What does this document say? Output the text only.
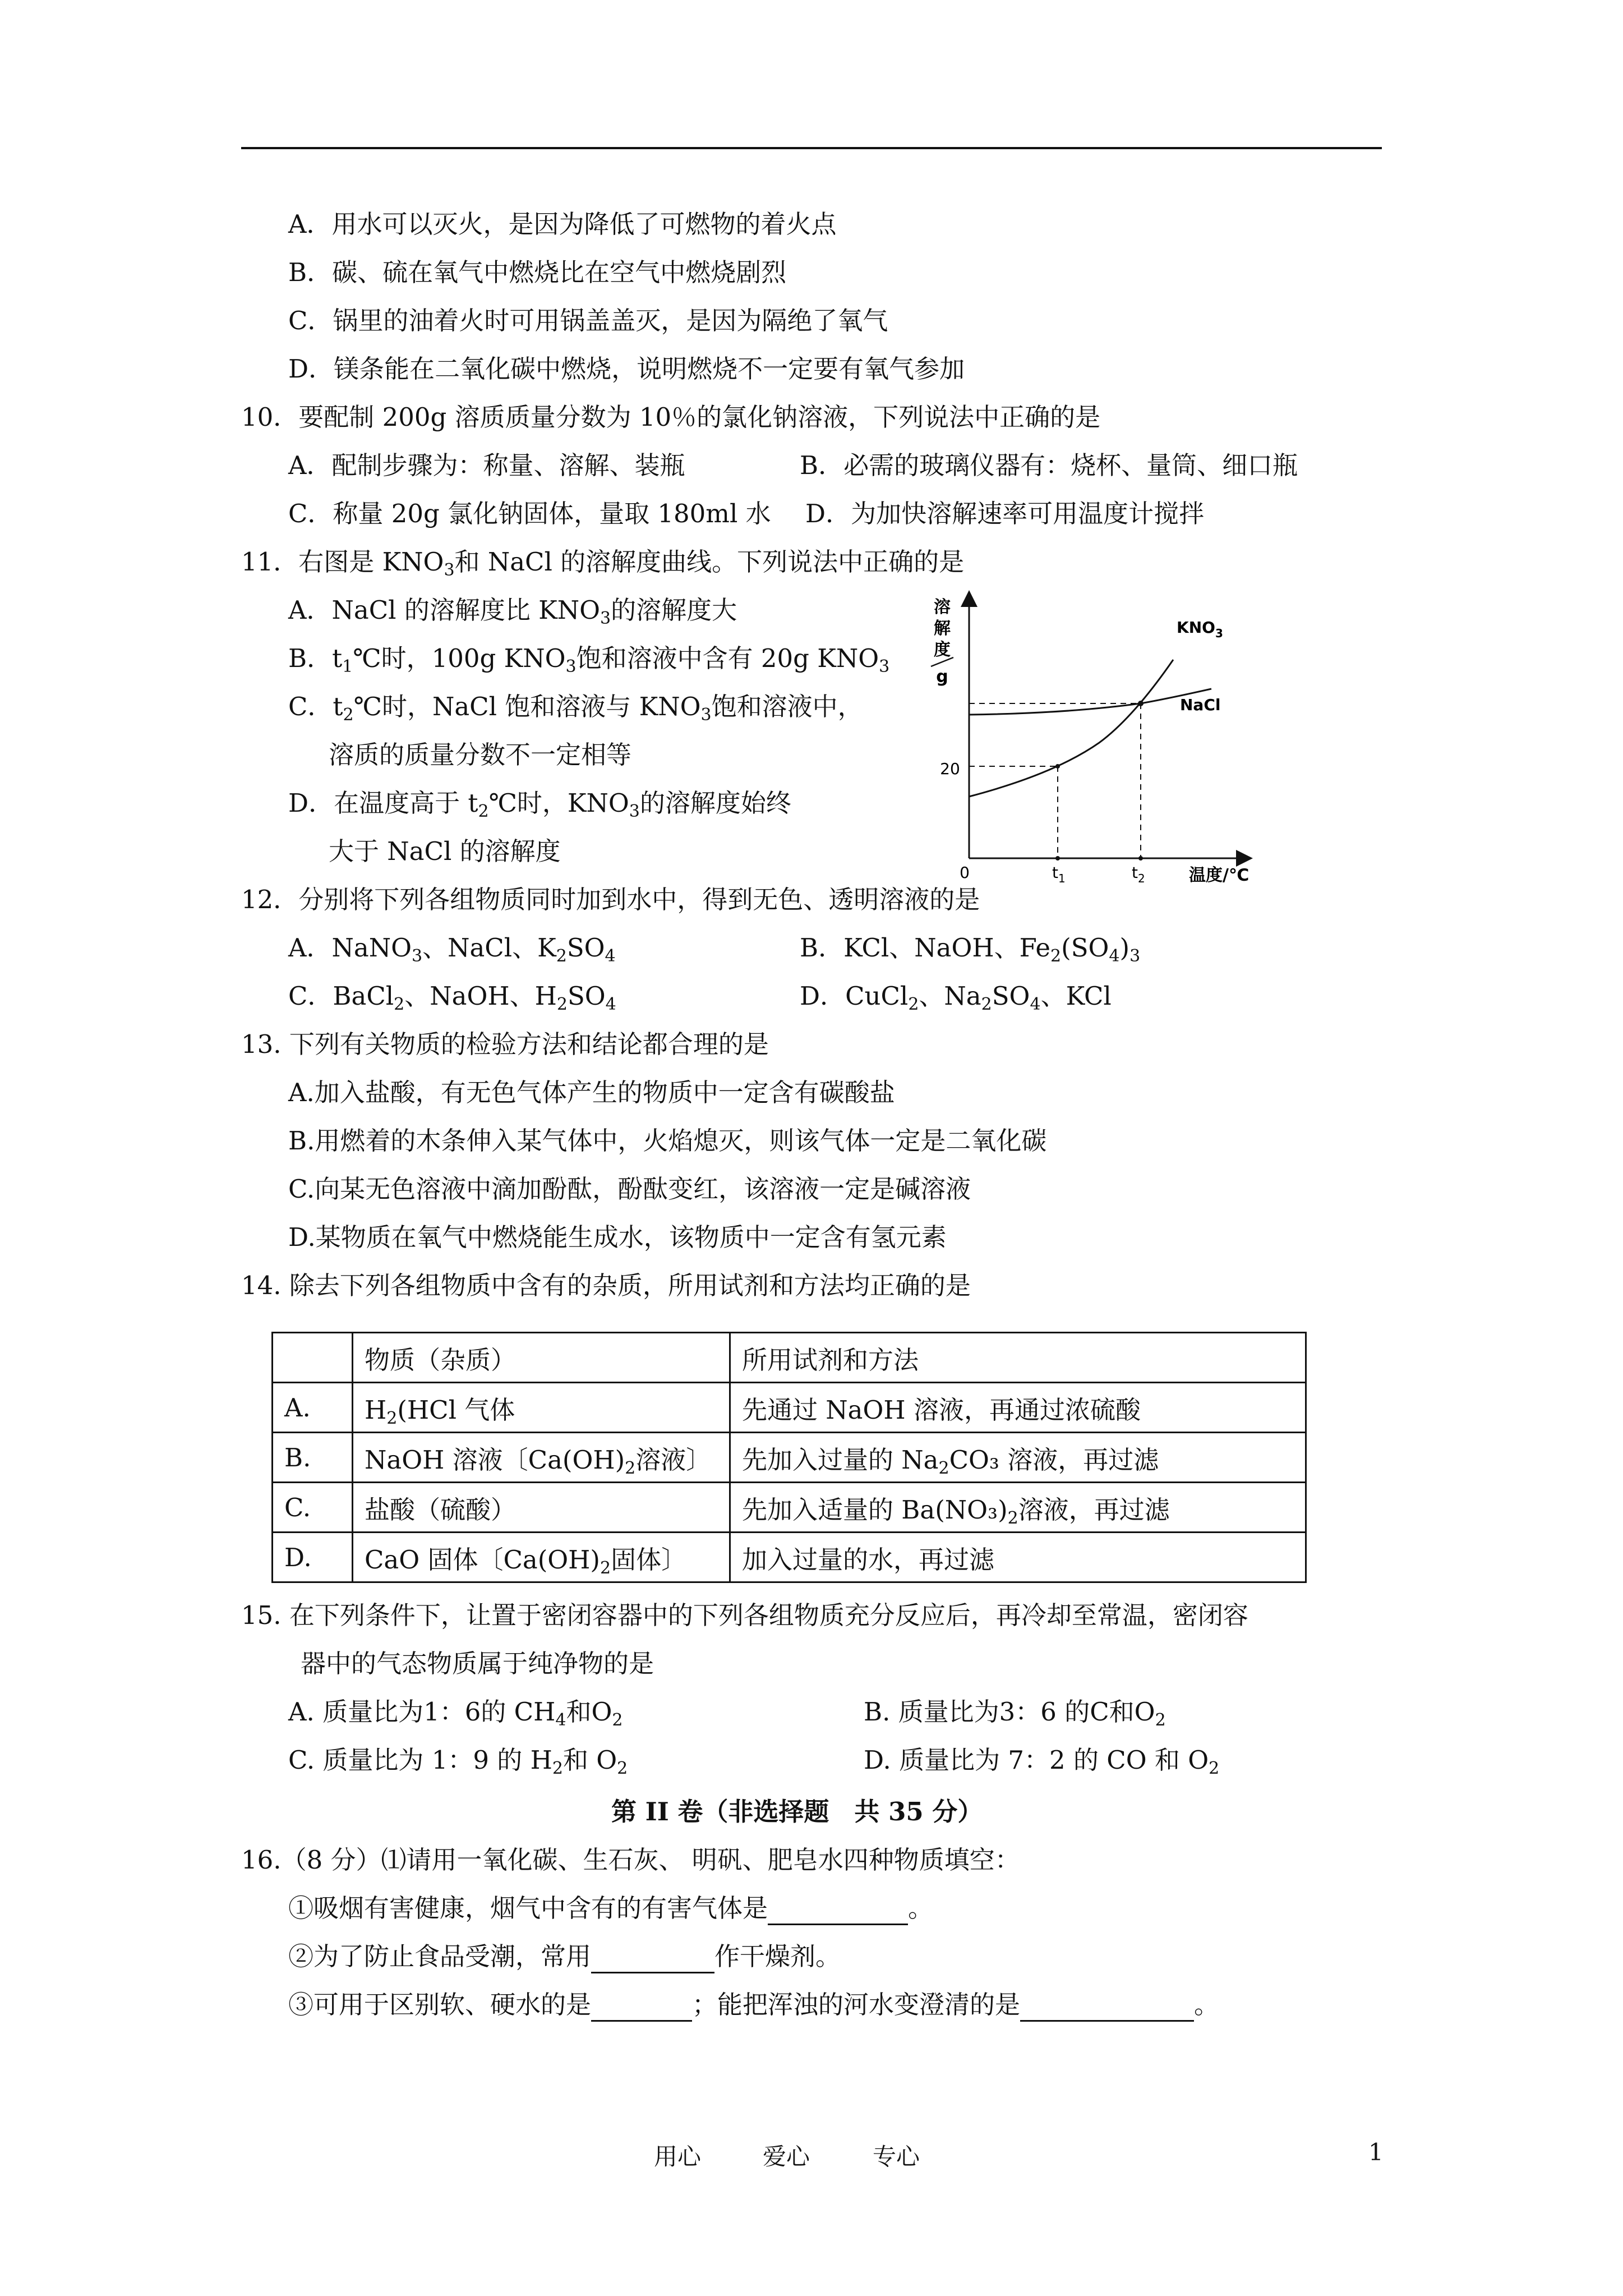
A．用水可以灭火，是因为降低了可燃物的着火点
B．碳、硫在氧气中燃烧比在空气中燃烧剧烈
C．锅里的油着火时可用锅盖盖灭，是因为隔绝了氧气
D．镁条能在二氧化碳中燃烧，说明燃烧不一定要有氧气参加
10．要配制 200g 溶质质量分数为 10％的氯化钠溶液，下列说法中正确的是
A．配制步骤为：称量、溶解、装瓶	B．必需的玻璃仪器有：烧杯、量筒、细口瓶
C．称量 20g 氯化钠固体，量取 180ml 水 D．为加快溶解速率可用温度计搅拌
11．右图是 $KNO_3$和 NaCl 的溶解度曲线。下列说法中正确的是
A．NaCl 的溶解度比 $KNO_3$的溶解度大
B．$t_1℃$时，100g $KNO_3$饱和溶液中含有 20g $KNO_3$
C．$t_2℃$时，NaCl 饱和溶液与 $KNO_3$饱和溶液中，
溶质的质量分数不一定相等
D．在温度高于 $t_2℃$时，$KNO_3$的溶解度始终
大于 NaCl 的溶解度
溶
解
度
g
温度/℃
0
20
$t_1$	$t_2$
$KNO_3$
NaCl
12．分别将下列各组物质同时加到水中，得到无色、透明溶液的是
A．NaNO$_3$、NaCl、$K_2SO_4$	B．KCl、NaOH、$Fe_2(SO_4)_3$
C．BaCl$_2$、NaOH、$H_2SO_4$	D．CuCl$_2$、$Na_2SO_4$、KCl
13. 下列有关物质的检验方法和结论都合理的是
A.加入盐酸，有无色气体产生的物质中一定含有碳酸盐
B.用燃着的木条伸入某气体中，火焰熄灭，则该气体一定是二氧化碳
C.向某无色溶液中滴加酚酞，酚酞变红，该溶液一定是碱溶液
D.某物质在氧气中燃烧能生成水，该物质中一定含有氢元素
14. 除去下列各组物质中含有的杂质，所用试剂和方法均正确的是
	物质（杂质）	所用试剂和方法
A.	$H_2(HCl$ 气体	先通过 NaOH 溶液，再通过浓硫酸
B.	NaOH 溶液〔$Ca(OH)_2$溶液〕	先加入过量的 $Na_2CO_3$ 溶液，再过滤
C.	盐酸（硫酸）	先加入适量的 $Ba(NO_3)_2$溶液，再过滤
D.	CaO 固体〔$Ca(OH)_2$固体〕	加入过量的水，再过滤
15. 在下列条件下，让置于密闭容器中的下列各组物质充分反应后，再冷却至常温，密闭容
器中的气态物质属于纯净物的是
A. 质量比为1：6的 $CH_4$和$O_2$	B. 质量比为3：6 的C和$O_2$
C. 质量比为 1：9 的 $H_2$和 $O_2$	D. 质量比为 7：2 的 CO 和 $O_2$
第 II 卷（非选择题　共 35 分）
16.（8 分）⑴请用一氧化碳、生石灰、 明矾、肥皂水四种物质填空：
①吸烟有害健康，烟气中含有的有害气体是	。
②为了防止食品受潮，常用	作干燥剂。
③可用于区别软、硬水的是	；能把浑浊的河水变澄清的是	。
用心	爱心	专心	1
